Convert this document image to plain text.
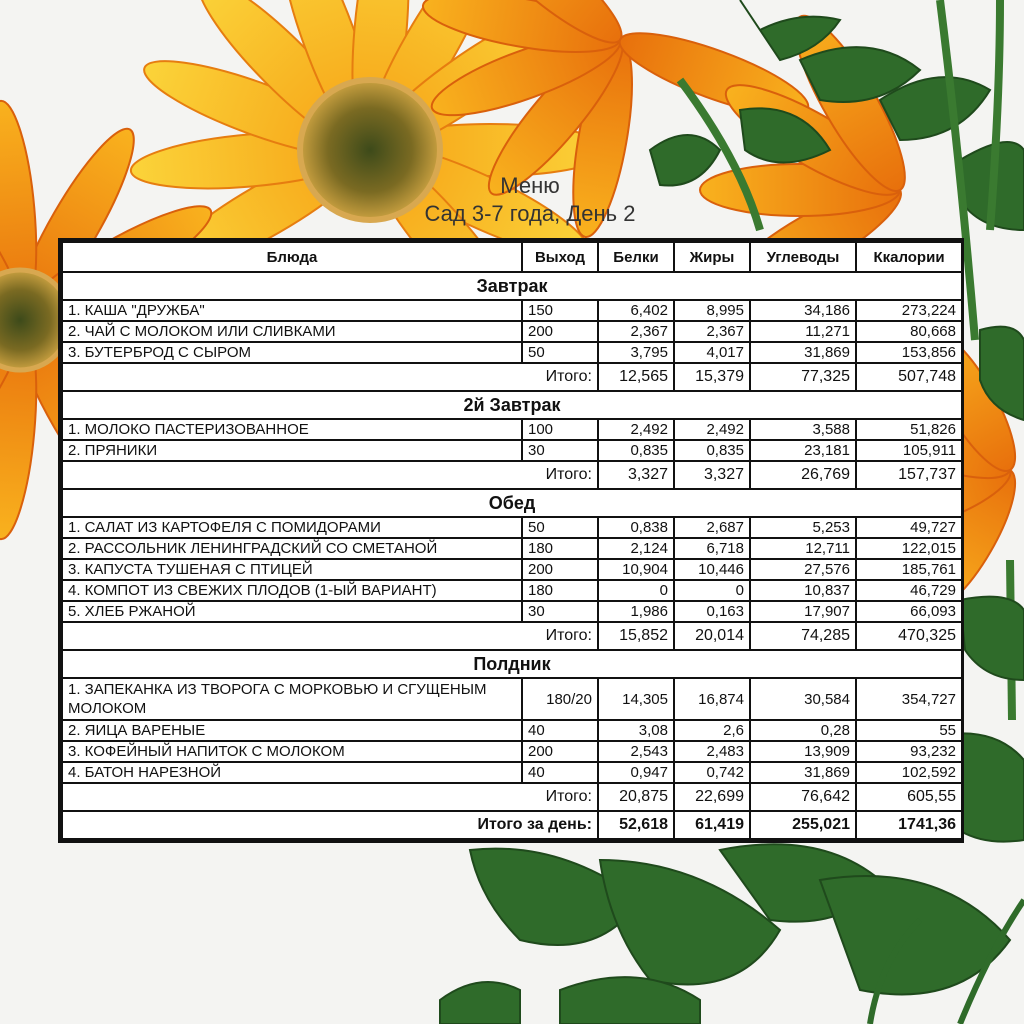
Меню
Сад 3-7 года, День 2
Блюда	Выход	Белки	Жиры	Углеводы	Ккалории
Завтрак					
1. КАША "ДРУЖБА"	150	6,402	8,995	34,186	273,224
2. ЧАЙ С МОЛОКОМ ИЛИ СЛИВКАМИ	200	2,367	2,367	11,271	80,668
3. БУТЕРБРОД С СЫРОМ	50	3,795	4,017	31,869	153,856
Итого:		12,565	15,379	77,325	507,748
2й Завтрак					
1. МОЛОКО ПАСТЕРИЗОВАННОЕ	100	2,492	2,492	3,588	51,826
2. ПРЯНИКИ	30	0,835	0,835	23,181	105,911
Итого:		3,327	3,327	26,769	157,737
Обед					
1. САЛАТ ИЗ КАРТОФЕЛЯ С ПОМИДОРАМИ	50	0,838	2,687	5,253	49,727
2. РАССОЛЬНИК ЛЕНИНГРАДСКИЙ СО СМЕТАНОЙ	180	2,124	6,718	12,711	122,015
3. КАПУСТА ТУШЕНАЯ С ПТИЦЕЙ	200	10,904	10,446	27,576	185,761
4. КОМПОТ ИЗ СВЕЖИХ ПЛОДОВ (1-ЫЙ ВАРИАНТ)	180	0	0	10,837	46,729
5. ХЛЕБ РЖАНОЙ	30	1,986	0,163	17,907	66,093
Итого:		15,852	20,014	74,285	470,325
Полдник					
1. ЗАПЕКАНКА ИЗ ТВОРОГА С МОРКОВЬЮ И СГУЩЕНЫМ МОЛОКОМ	180/20	14,305	16,874	30,584	354,727
2. ЯИЦА ВАРЕНЫЕ	40	3,08	2,6	0,28	55
3. КОФЕЙНЫЙ НАПИТОК С МОЛОКОМ	200	2,543	2,483	13,909	93,232
4. БАТОН НАРЕЗНОЙ	40	0,947	0,742	31,869	102,592
Итого:		20,875	22,699	76,642	605,55
Итого за день:		52,618	61,419	255,021	1741,36
